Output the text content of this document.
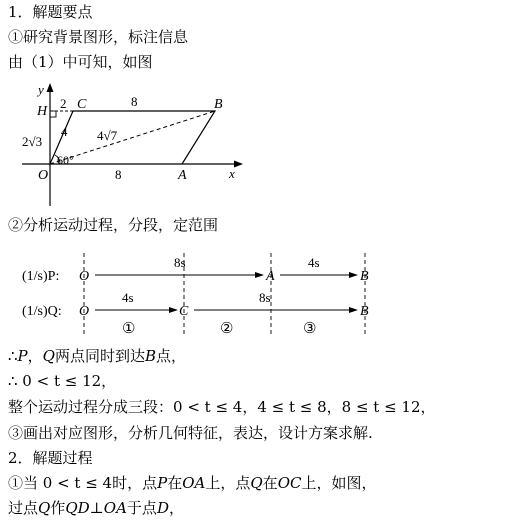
1．解题要点
①研究背景图形，标注信息
由（1）中可知，如图
y
x
H
2 C	8	B
4
2√3	4√7
60°
O	8	A
②分析运动过程，分段，定范围
(1/s)P: O
8s
A
4s
B
(1/s)Q: O
4s
C
8s
B
①	②	③
∴P，Q两点同时到达B点，
∴ 0 < t ≤ 12，
整个运动过程分成三段：0 < t ≤ 4，4 ≤ t ≤ 8，8 ≤ t ≤ 12，
③画出对应图形，分析几何特征，表达，设计方案求解.
2．解题过程
①当 0 < t ≤ 4时，点P在OA上，点Q在OC上，如图，
过点Q作QD⊥OA于点D，
